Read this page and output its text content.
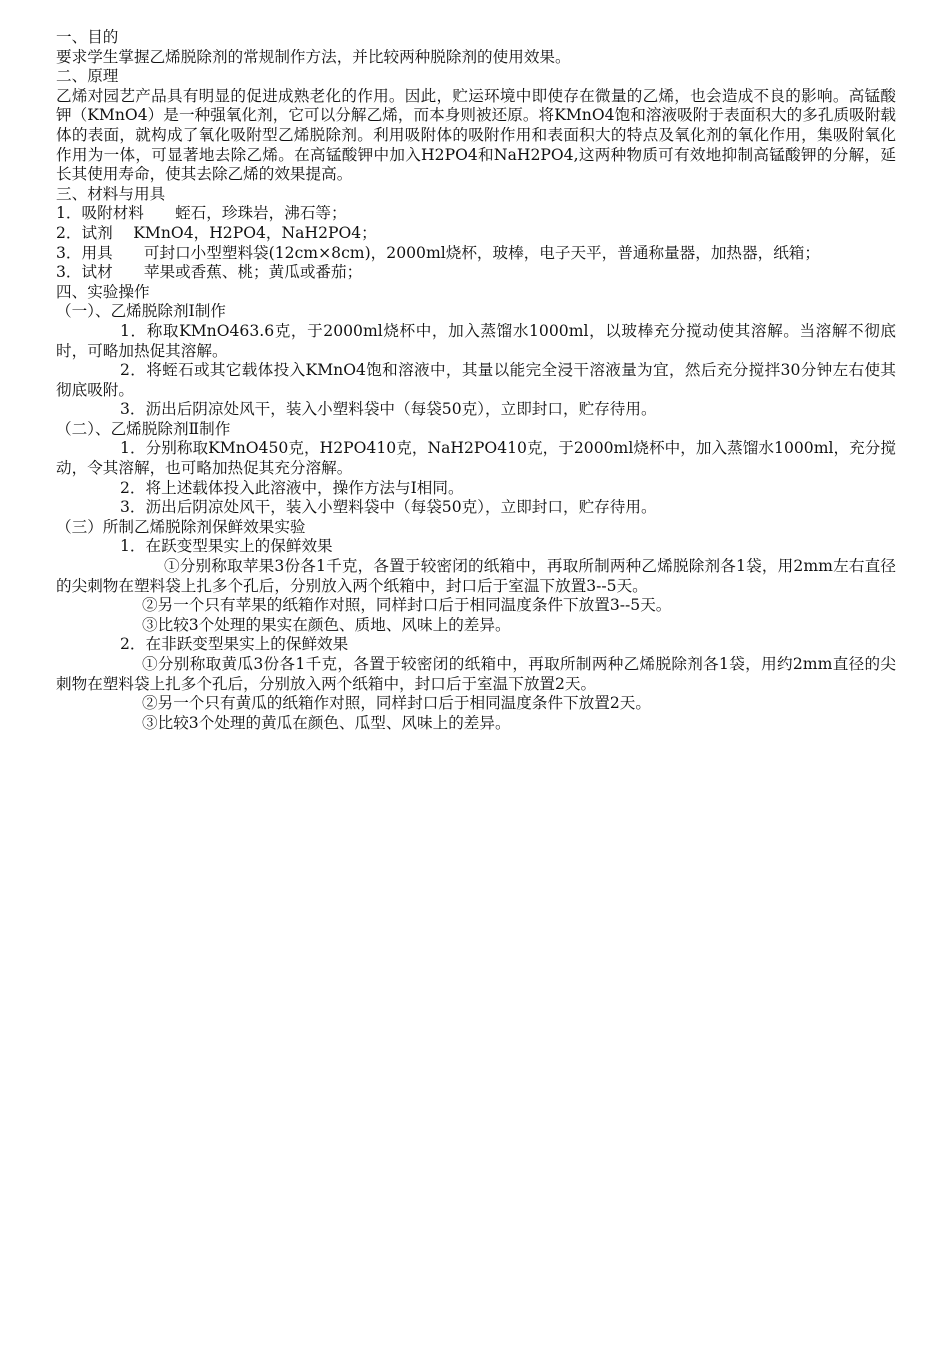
一、目的

要求学生掌握乙烯脱除剂的常规制作方法，并比较两种脱除剂的使用效果。

二、原理

乙烯对园艺产品具有明显的促进成熟老化的作用。因此，贮运环境中即使存在微量的乙烯，也会造成不良的影响。高锰酸钾（KMnO4）是一种强氧化剂，它可以分解乙烯，而本身则被还原。将KMnO4饱和溶液吸附于表面积大的多孔质吸附载体的表面，就构成了氧化吸附型乙烯脱除剂。利用吸附体的吸附作用和表面积大的特点及氧化剂的氧化作用，集吸附氧化作用为一体，可显著地去除乙烯。在高锰酸钾中加入H2PO4和NaH2PO4,这两种物质可有效地抑制高锰酸钾的分解，延长其使用寿命，使其去除乙烯的效果提高。

三、材料与用具

1．吸附材料　　蛭石，珍珠岩，沸石等；

2．试剂　 KMnO4，H2PO4，NaH2PO4；

3．用具　　可封口小型塑料袋(12cm×8cm)，2000ml烧杯，玻棒，电子天平，普通称量器，加热器，纸箱；

3．试材　　苹果或香蕉、桃；黄瓜或番茄；

四、实验操作

（一）、乙烯脱除剂Ⅰ制作

1．称取KMnO463.6克，于2000ml烧杯中，加入蒸馏水1000ml，以玻棒充分搅动使其溶解。当溶解不彻底时，可略加热促其溶解。

2．将蛭石或其它载体投入KMnO4饱和溶液中，其量以能完全浸干溶液量为宜，然后充分搅拌30分钟左右使其彻底吸附。

3．沥出后阴凉处风干，装入小塑料袋中（每袋50克），立即封口，贮存待用。

（二）、乙烯脱除剂Ⅱ制作

1．分别称取KMnO450克，H2PO410克，NaH2PO410克，于2000ml烧杯中，加入蒸馏水1000ml，充分搅动，令其溶解，也可略加热促其充分溶解。

2．将上述载体投入此溶液中，操作方法与Ⅰ相同。

3．沥出后阴凉处风干，装入小塑料袋中（每袋50克），立即封口，贮存待用。

（三）所制乙烯脱除剂保鲜效果实验

1．在跃变型果实上的保鲜效果

①分别称取苹果3份各1千克，各置于较密闭的纸箱中，再取所制两种乙烯脱除剂各1袋，用2mm左右直径的尖刺物在塑料袋上扎多个孔后，分别放入两个纸箱中，封口后于室温下放置3--5天。

②另一个只有苹果的纸箱作对照，同样封口后于相同温度条件下放置3--5天。

③比较3个处理的果实在颜色、质地、风味上的差异。

2．在非跃变型果实上的保鲜效果

①分别称取黄瓜3份各1千克，各置于较密闭的纸箱中，再取所制两种乙烯脱除剂各1袋，用约2mm直径的尖刺物在塑料袋上扎多个孔后，分别放入两个纸箱中，封口后于室温下放置2天。

②另一个只有黄瓜的纸箱作对照，同样封口后于相同温度条件下放置2天。

③比较3个处理的黄瓜在颜色、瓜型、风味上的差异。
